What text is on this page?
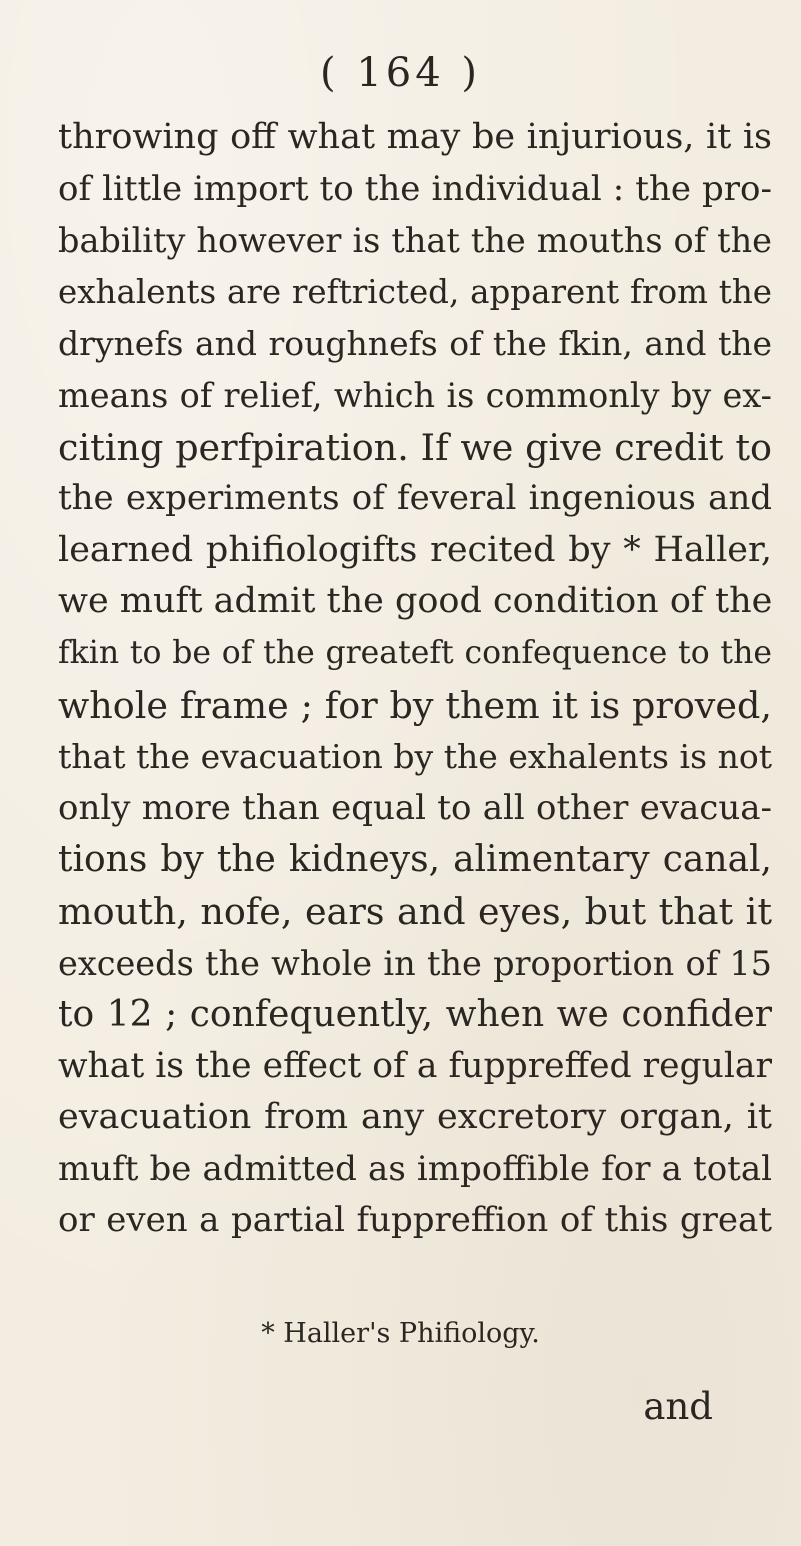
( 164 )
throwing off what may be injurious, it is
of little import to the individual : the pro-
bability however is that the mouths of the
exhalents are reftricted, apparent from the
drynefs and roughnefs of the fkin, and the
means of relief, which is commonly by ex-
citing perfpiration. If we give credit to
the experiments of feveral ingenious and
learned phifiologifts recited by * Haller,
we muft admit the good condition of the
fkin to be of the greateft confequence to the
whole frame ; for by them it is proved,
that the evacuation by the exhalents is not
only more than equal to all other evacua-
tions by the kidneys, alimentary canal,
mouth, nofe, ears and eyes, but that it
exceeds the whole in the proportion of 15
to 12 ; confequently, when we confider
what is the effect of a fuppreffed regular
evacuation from any excretory organ, it
muft be admitted as impoffible for a total
or even a partial fuppreffion of this great
* Haller's Phifiology.
and
